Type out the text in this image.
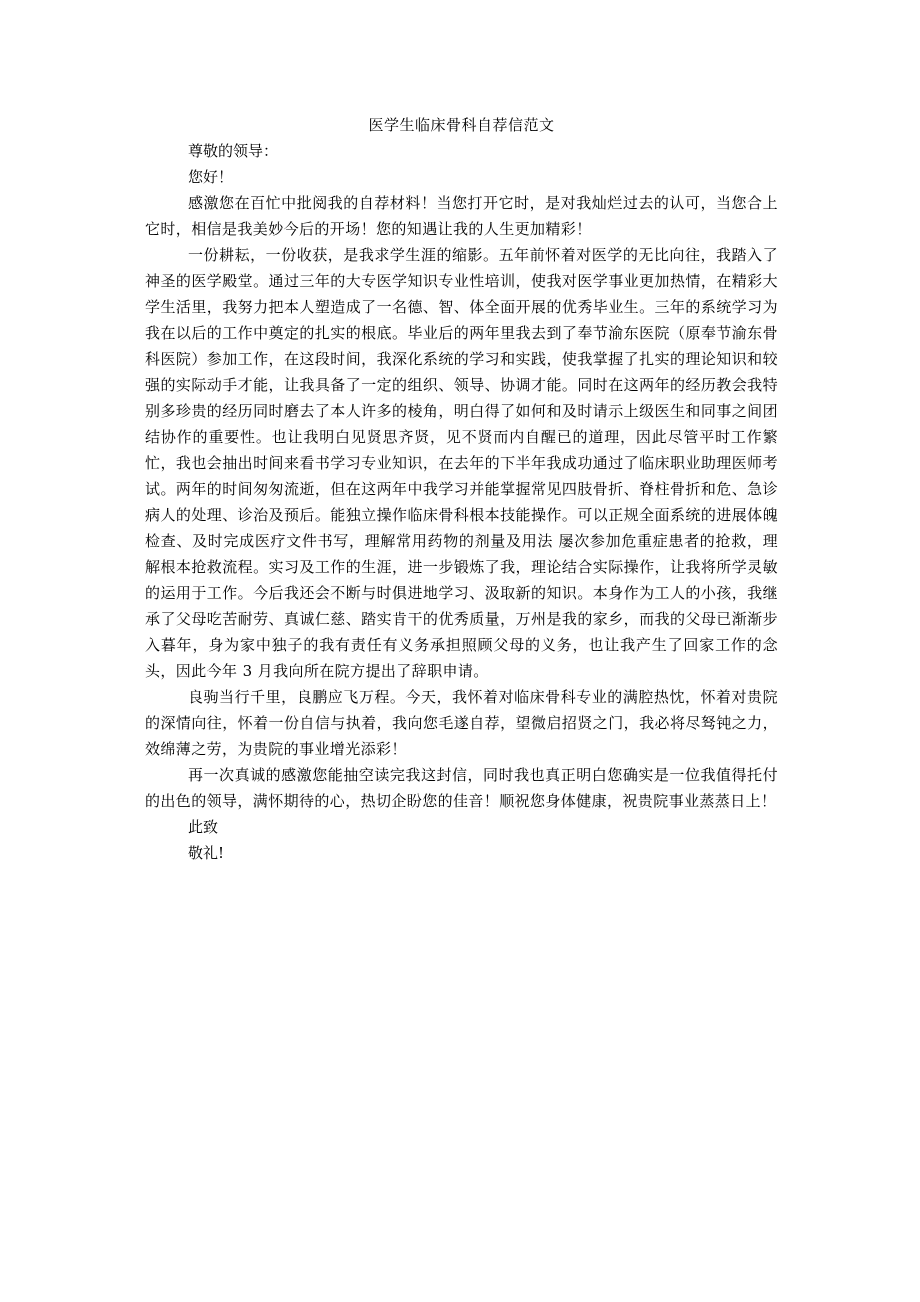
医学生临床骨科自荐信范文

尊敬的领导：

您好！

感激您在百忙中批阅我的自荐材料！当您打开它时，是对我灿烂过去的认可，当您合上它时，相信是我美妙今后的开场！您的知遇让我的人生更加精彩！

一份耕耘，一份收获，是我求学生涯的缩影。五年前怀着对医学的无比向往，我踏入了神圣的医学殿堂。通过三年的大专医学知识专业性培训，使我对医学事业更加热情，在精彩大学生活里，我努力把本人塑造成了一名德、智、体全面开展的优秀毕业生。三年的系统学习为我在以后的工作中奠定的扎实的根底。毕业后的两年里我去到了奉节渝东医院（原奉节渝东骨科医院）参加工作，在这段时间，我深化系统的学习和实践，使我掌握了扎实的理论知识和较强的实际动手才能，让我具备了一定的组织、领导、协调才能。同时在这两年的经历教会我特别多珍贵的经历同时磨去了本人许多的棱角，明白得了如何和及时请示上级医生和同事之间团结协作的重要性。也让我明白见贤思齐贤，见不贤而内自醒已的道理，因此尽管平时工作繁忙，我也会抽出时间来看书学习专业知识，在去年的下半年我成功通过了临床职业助理医师考试。两年的时间匆匆流逝，但在这两年中我学习并能掌握常见四肢骨折、脊柱骨折和危、急诊病人的处理、诊治及预后。能独立操作临床骨科根本技能操作。可以正规全面系统的进展体魄检查、及时完成医疗文件书写，理解常用药物的剂量及用法 屡次参加危重症患者的抢救，理解根本抢救流程。实习及工作的生涯，进一步锻炼了我，理论结合实际操作，让我将所学灵敏的运用于工作。今后我还会不断与时俱进地学习、汲取新的知识。本身作为工人的小孩，我继承了父母吃苦耐劳、真诚仁慈、踏实肯干的优秀质量，万州是我的家乡，而我的父母已渐渐步入暮年，身为家中独子的我有责任有义务承担照顾父母的义务，也让我产生了回家工作的念头，因此今年 3 月我向所在院方提出了辞职申请。

良驹当行千里，良鹏应飞万程。今天，我怀着对临床骨科专业的满腔热忱，怀着对贵院的深情向往，怀着一份自信与执着，我向您毛遂自荐，望微启招贤之门，我必将尽驽钝之力，效绵薄之劳，为贵院的事业增光添彩！

再一次真诚的感激您能抽空读完我这封信，同时我也真正明白您确实是一位我值得托付的出色的领导，满怀期待的心，热切企盼您的佳音！顺祝您身体健康，祝贵院事业蒸蒸日上！

此致

敬礼!
